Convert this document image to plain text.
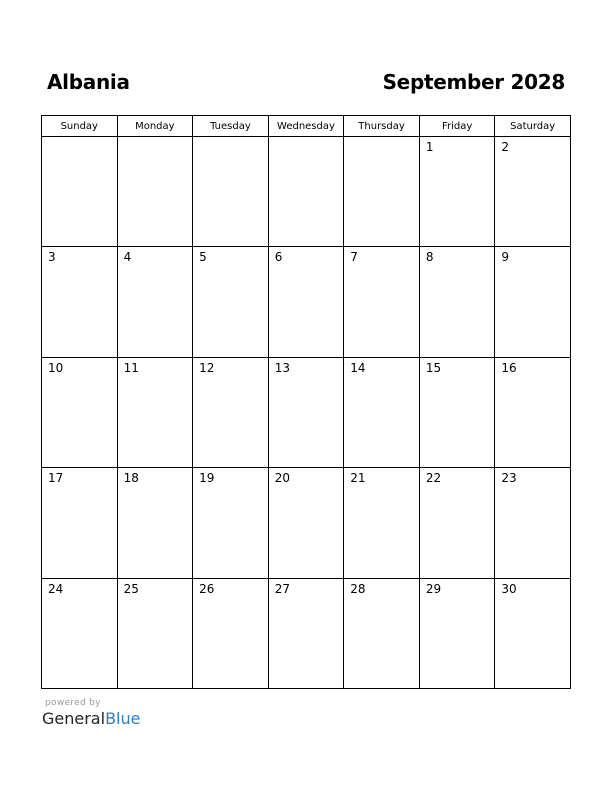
Albania	September 2028
Sunday	Monday	Tuesday	Wednesday	Thursday	Friday	Saturday
					1	2
3	4	5	6	7	8	9
10	11	12	13	14	15	16
17	18	19	20	21	22	23
24	25	26	27	28	29	30
powered by
GeneralBlue
